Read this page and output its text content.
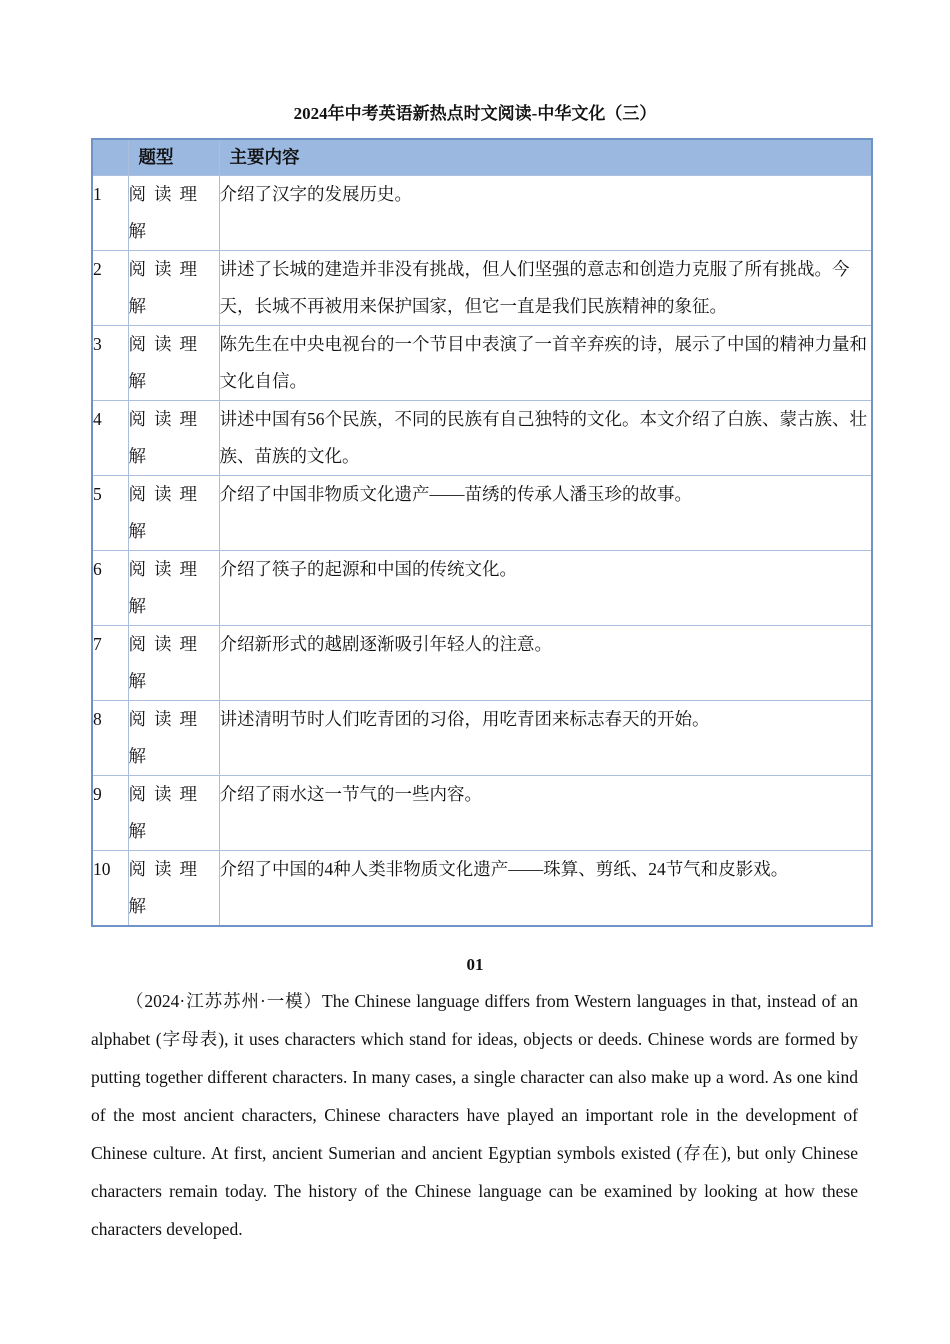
2024年中考英语新热点时文阅读-中华文化（三）
	题型	主要内容
1	阅读理解	介绍了汉字的发展历史。
2	阅读理解	讲述了长城的建造并非没有挑战，但人们坚强的意志和创造力克服了所有挑战。今天，长城不再被用来保护国家，但它一直是我们民族精神的象征。
3	阅读理解	陈先生在中央电视台的一个节目中表演了一首辛弃疾的诗，展示了中国的精神力量和文化自信。
4	阅读理解	讲述中国有56个民族，不同的民族有自己独特的文化。本文介绍了白族、蒙古族、壮族、苗族的文化。
5	阅读理解	介绍了中国非物质文化遗产——苗绣的传承人潘玉珍的故事。
6	阅读理解	介绍了筷子的起源和中国的传统文化。
7	阅读理解	介绍新形式的越剧逐渐吸引年轻人的注意。
8	阅读理解	讲述清明节时人们吃青团的习俗，用吃青团来标志春天的开始。
9	阅读理解	介绍了雨水这一节气的一些内容。
10	阅读理解	介绍了中国的4种人类非物质文化遗产——珠算、剪纸、24节气和皮影戏。
01

（2024·江苏苏州·一模）The Chinese language differs from Western languages in that, instead of an alphabet (字母表), it uses characters which stand for ideas, objects or deeds. Chinese words are formed by putting together different characters. In many cases, a single character can also make up a word. As one kind of the most ancient characters, Chinese characters have played an important role in the development of Chinese culture. At first, ancient Sumerian and ancient Egyptian symbols existed (存在), but only Chinese characters remain today. The history of the Chinese language can be examined by looking at how these characters developed.
